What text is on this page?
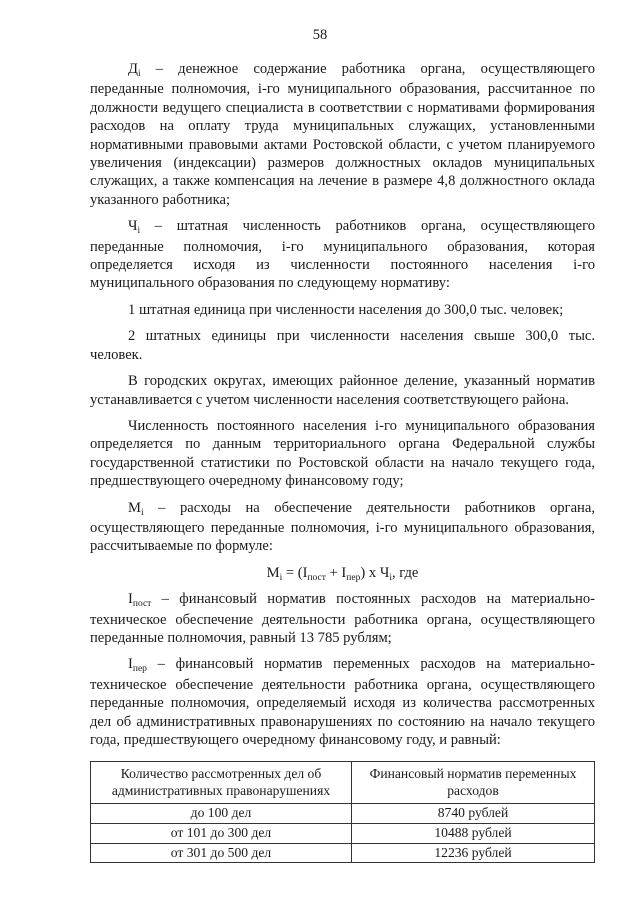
58

$Д_i$ – денежное содержание работника органа, осуществляющего переданные полномочия, i-го муниципального образования, рассчитанное по должности ведущего специалиста в соответствии с нормативами формирования расходов на оплату труда муниципальных служащих, установленными нормативными правовыми актами Ростовской области, с учетом планируемого увеличения (индексации) размеров должностных окладов муниципальных служащих, а также компенсация на лечение в размере 4,8 должностного оклада указанного работника;

$Ч_i$ – штатная численность работников органа, осуществляющего переданные полномочия, i-го муниципального образования, которая определяется исходя из численности постоянного населения i-го муниципального образования по следующему нормативу:

1 штатная единица при численности населения до 300,0 тыс. человек;

2 штатных единицы при численности населения свыше 300,0 тыс. человек.

В городских округах, имеющих районное деление, указанный норматив устанавливается с учетом численности населения соответствующего района.

Численность постоянного населения i-го муниципального образования определяется по данным территориального органа Федеральной службы государственной статистики по Ростовской области на начало текущего года, предшествующего очередному финансовому году;

$М_i$ – расходы на обеспечение деятельности работников органа, осуществляющего переданные полномочия, i-го муниципального образования, рассчитываемые по формуле:

$М_i = (I_{пост} + I_{пер})$ х $Ч_i$, где

$I_{пост}$ – финансовый норматив постоянных расходов на материально-техническое обеспечение деятельности работника органа, осуществляющего переданные полномочия, равный 13 785 рублям;

$I_{пер}$ – финансовый норматив переменных расходов на материально-техническое обеспечение деятельности работника органа, осуществляющего переданные полномочия, определяемый исходя из количества рассмотренных дел об административных правонарушениях по состоянию на начало текущего года, предшествующего очередному финансовому году, и равный:

Количество рассмотренных дел об административных правонарушениях	Финансовый норматив переменных расходов
до 100 дел	8740 рублей
от 101 до 300 дел	10488 рублей
от 301 до 500 дел	12236 рублей
